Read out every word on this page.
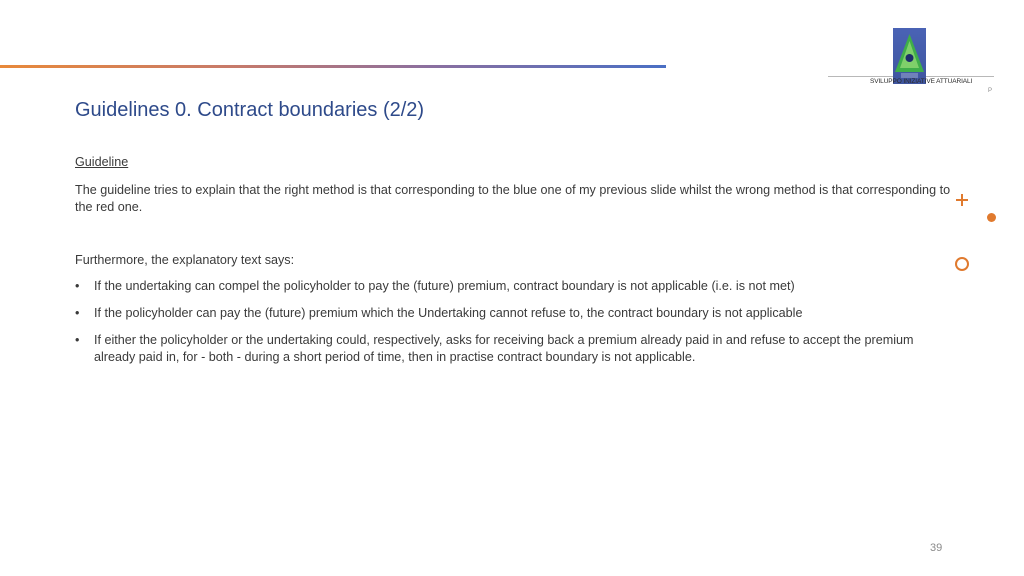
SVILUPPO INIZIATIVE ATTUARIALI
P
Guidelines 0. Contract boundaries (2/2)

Guideline

The guideline tries to explain that the right method is that corresponding to the blue one of my previous slide whilst the wrong method is that corresponding to the red one.

Furthermore, the explanatory text says:

• If the undertaking can compel the policyholder to pay the (future) premium, contract boundary is not applicable (i.e. is not met)
• If the policyholder can pay the (future) premium which the Undertaking cannot refuse to, the contract boundary is not applicable
• If either the policyholder or the undertaking could, respectively, asks for receiving back a premium already paid in and refuse to accept the premium already paid in, for - both - during a short period of time, then in practise contract boundary is not applicable.
39
